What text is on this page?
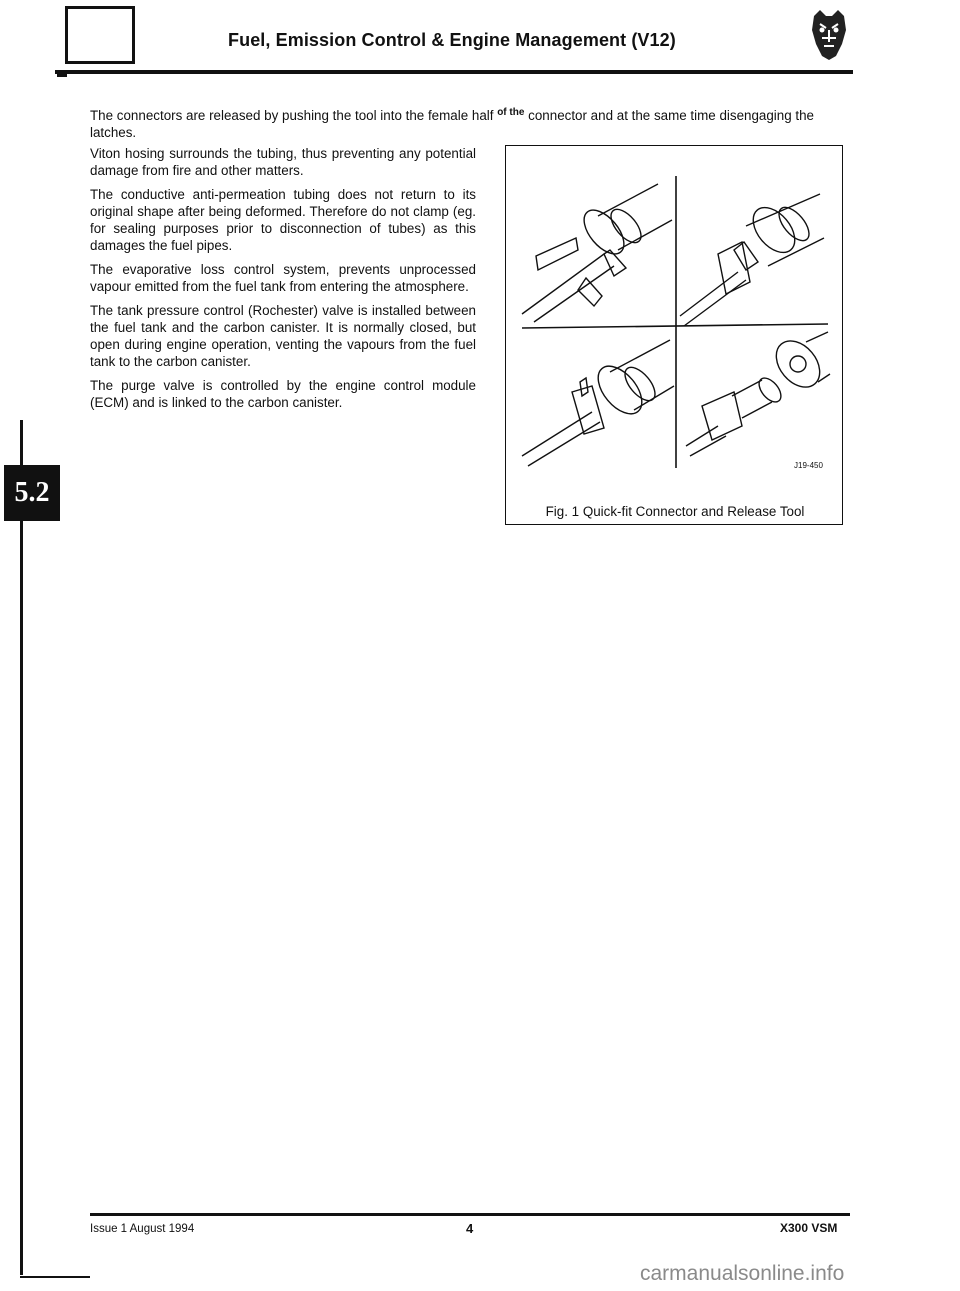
Fuel, Emission Control & Engine Management (V12)
5.2
The connectors are released by pushing the tool into the female half $^{of the}$ connector and at the same time disengaging the latches.

Viton hosing surrounds the tubing, thus preventing any potential damage from fire and other matters.

The conductive anti-permeation tubing does not return to its original shape after being deformed. Therefore do not clamp (eg. for sealing purposes prior to disconnection of tubes) as this damages the fuel pipes.

The evaporative loss control system, prevents unprocessed vapour emitted from the fuel tank from entering the atmosphere.

The tank pressure control (Rochester) valve is installed between the fuel tank and the carbon canister. It is normally closed, but open during engine operation, venting the vapours from the fuel tank to the carbon canister.

The purge valve is controlled by the engine control module (ECM) and is linked to the carbon canister.

J19-450
Fig. 1 Quick-fit Connector and Release Tool
Issue 1 August 1994	4	X300 VSM
carmanualsonline.info
